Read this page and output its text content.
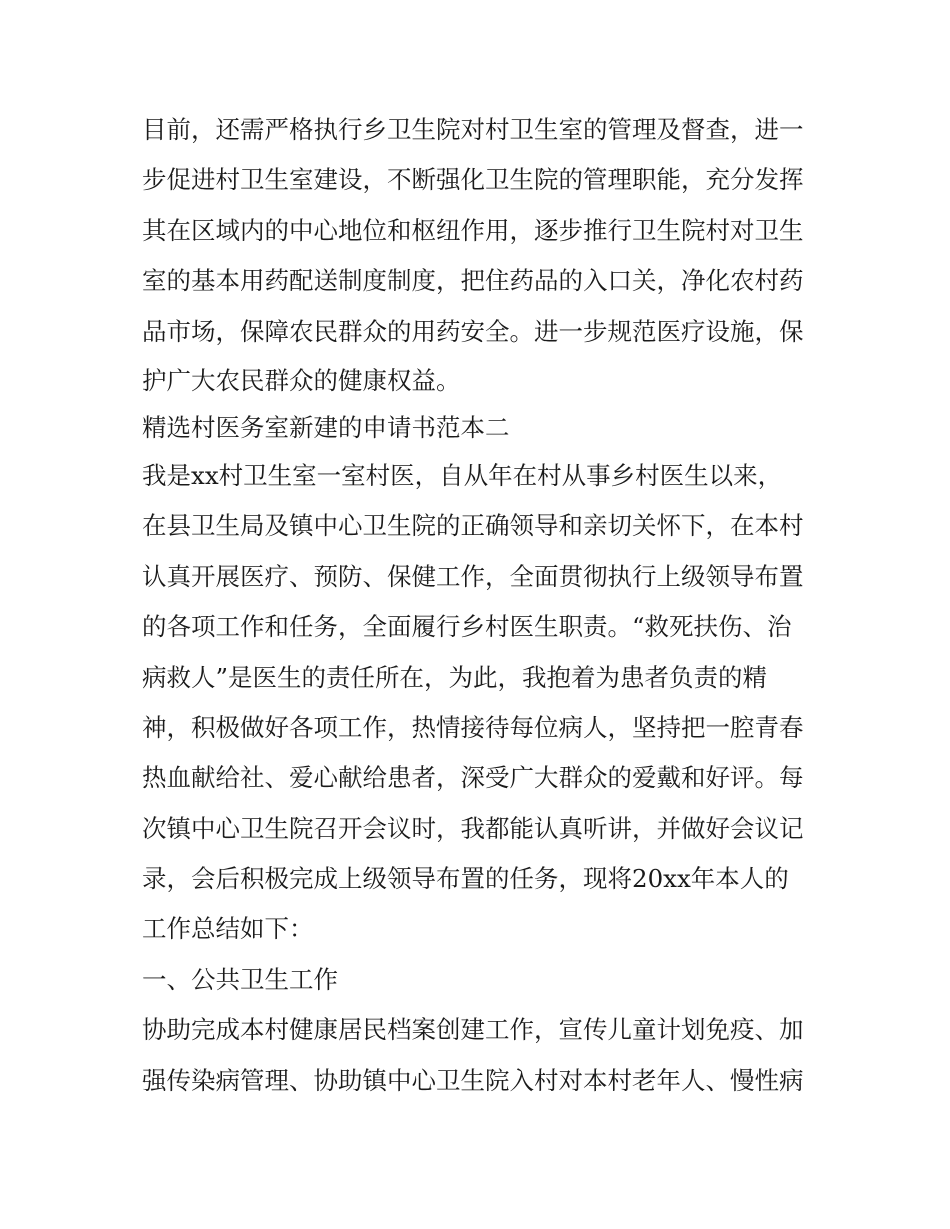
目前，还需严格执行乡卫生院对村卫生室的管理及督查，进一
步促进村卫生室建设，不断强化卫生院的管理职能，充分发挥
其在区域内的中心地位和枢纽作用，逐步推行卫生院村对卫生
室的基本用药配送制度制度，把住药品的入口关，净化农村药
品市场，保障农民群众的用药安全。进一步规范医疗设施，保
护广大农民群众的健康权益。
精选村医务室新建的申请书范本二
我是xx村卫生室一室村医，自从年在村从事乡村医生以来，
在县卫生局及镇中心卫生院的正确领导和亲切关怀下，在本村
认真开展医疗、预防、保健工作，全面贯彻执行上级领导布置
的各项工作和任务，全面履行乡村医生职责。“救死扶伤、治
病救人”是医生的责任所在，为此，我抱着为患者负责的精
神，积极做好各项工作，热情接待每位病人，坚持把一腔青春
热血献给社、爱心献给患者，深受广大群众的爱戴和好评。每
次镇中心卫生院召开会议时，我都能认真听讲，并做好会议记
录，会后积极完成上级领导布置的任务，现将20xx年本人的
工作总结如下：
一、公共卫生工作
协助完成本村健康居民档案创建工作，宣传儿童计划免疫、加
强传染病管理、协助镇中心卫生院入村对本村老年人、慢性病
